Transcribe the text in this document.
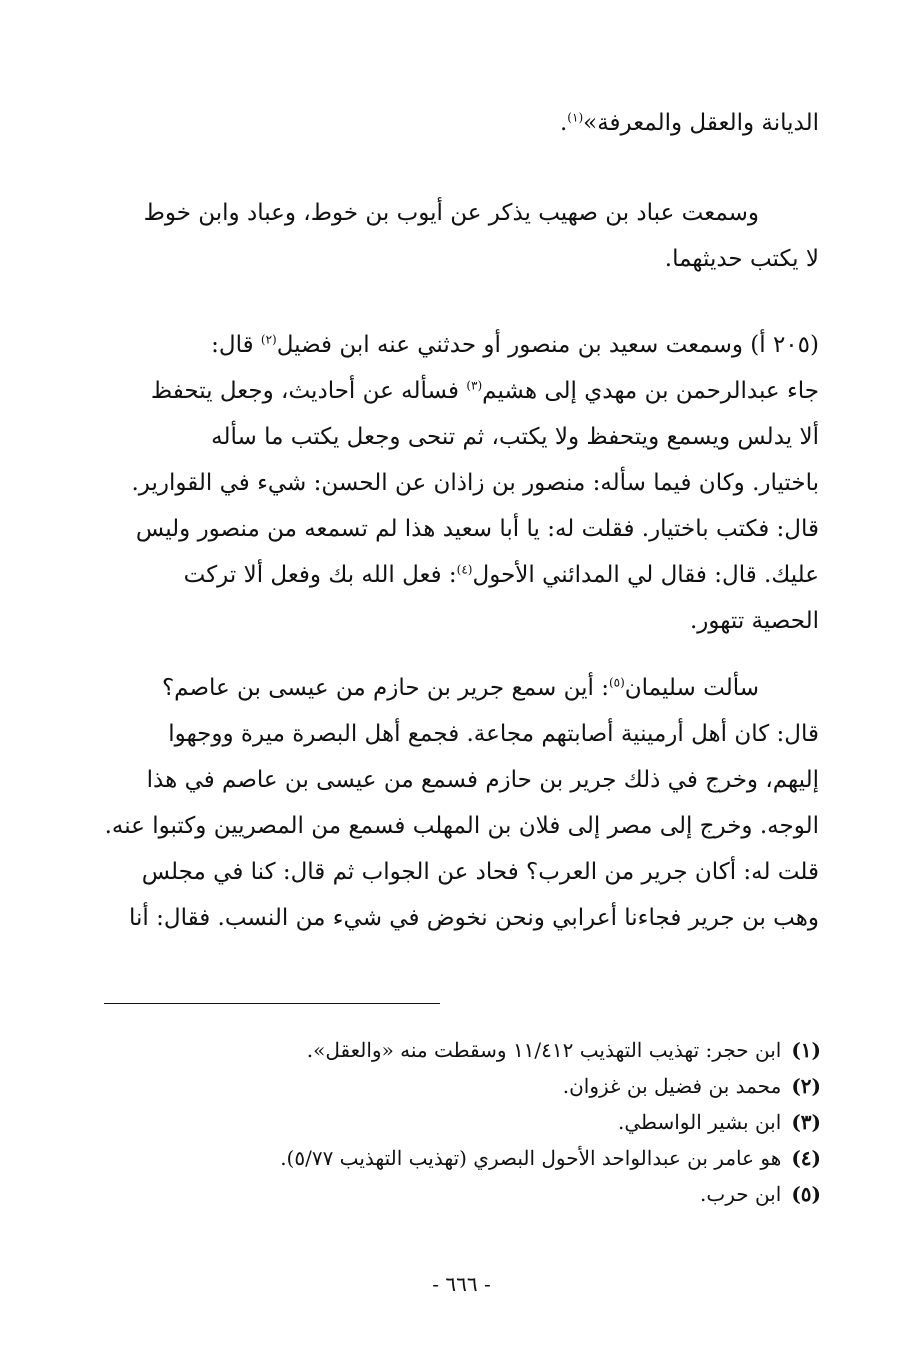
الديانة والعقل والمعرفة»$^{(١)}$.
وسمعت عباد بن صهيب يذكر عن أيوب بن خوط، وعباد وابن خوط
لا يكتب حديثهما.
(٢٠٥ أ) وسمعت سعيد بن منصور أو حدثني عنه ابن فضيل$^{(٢)}$ قال:
جاء عبدالرحمن بن مهدي إلى هشيم$^{(٣)}$ فسأله عن أحاديث، وجعل يتحفظ
ألا يدلس ويسمع ويتحفظ ولا يكتب، ثم تنحى وجعل يكتب ما سأله
باختيار. وكان فيما سأله: منصور بن زاذان عن الحسن: شيء في القوارير.
قال: فكتب باختيار. فقلت له: يا أبا سعيد هذا لم تسمعه من منصور وليس
عليك. قال: فقال لي المدائني الأحول$^{(٤)}$: فعل الله بك وفعل ألا تركت
الحصية تتهور.
سألت سليمان$^{(٥)}$: أين سمع جرير بن حازم من عيسى بن عاصم؟
قال: كان أهل أرمينية أصابتهم مجاعة. فجمع أهل البصرة ميرة ووجهوا
إليهم، وخرج في ذلك جرير بن حازم فسمع من عيسى بن عاصم في هذا
الوجه. وخرج إلى مصر إلى فلان بن المهلب فسمع من المصريين وكتبوا عنه.
قلت له: أكان جرير من العرب؟ فحاد عن الجواب ثم قال: كنا في مجلس
وهب بن جرير فجاءنا أعرابي ونحن نخوض في شيء من النسب. فقال: أنا
(١)ابن حجر: تهذيب التهذيب ١١/٤١٢ وسقطت منه «والعقل».
(٢)محمد بن فضيل بن غزوان.
(٣)ابن بشير الواسطي.
(٤)هو عامر بن عبدالواحد الأحول البصري (تهذيب التهذيب ٥/٧٧).
(٥)ابن حرب.
- ٦٦٦ -
